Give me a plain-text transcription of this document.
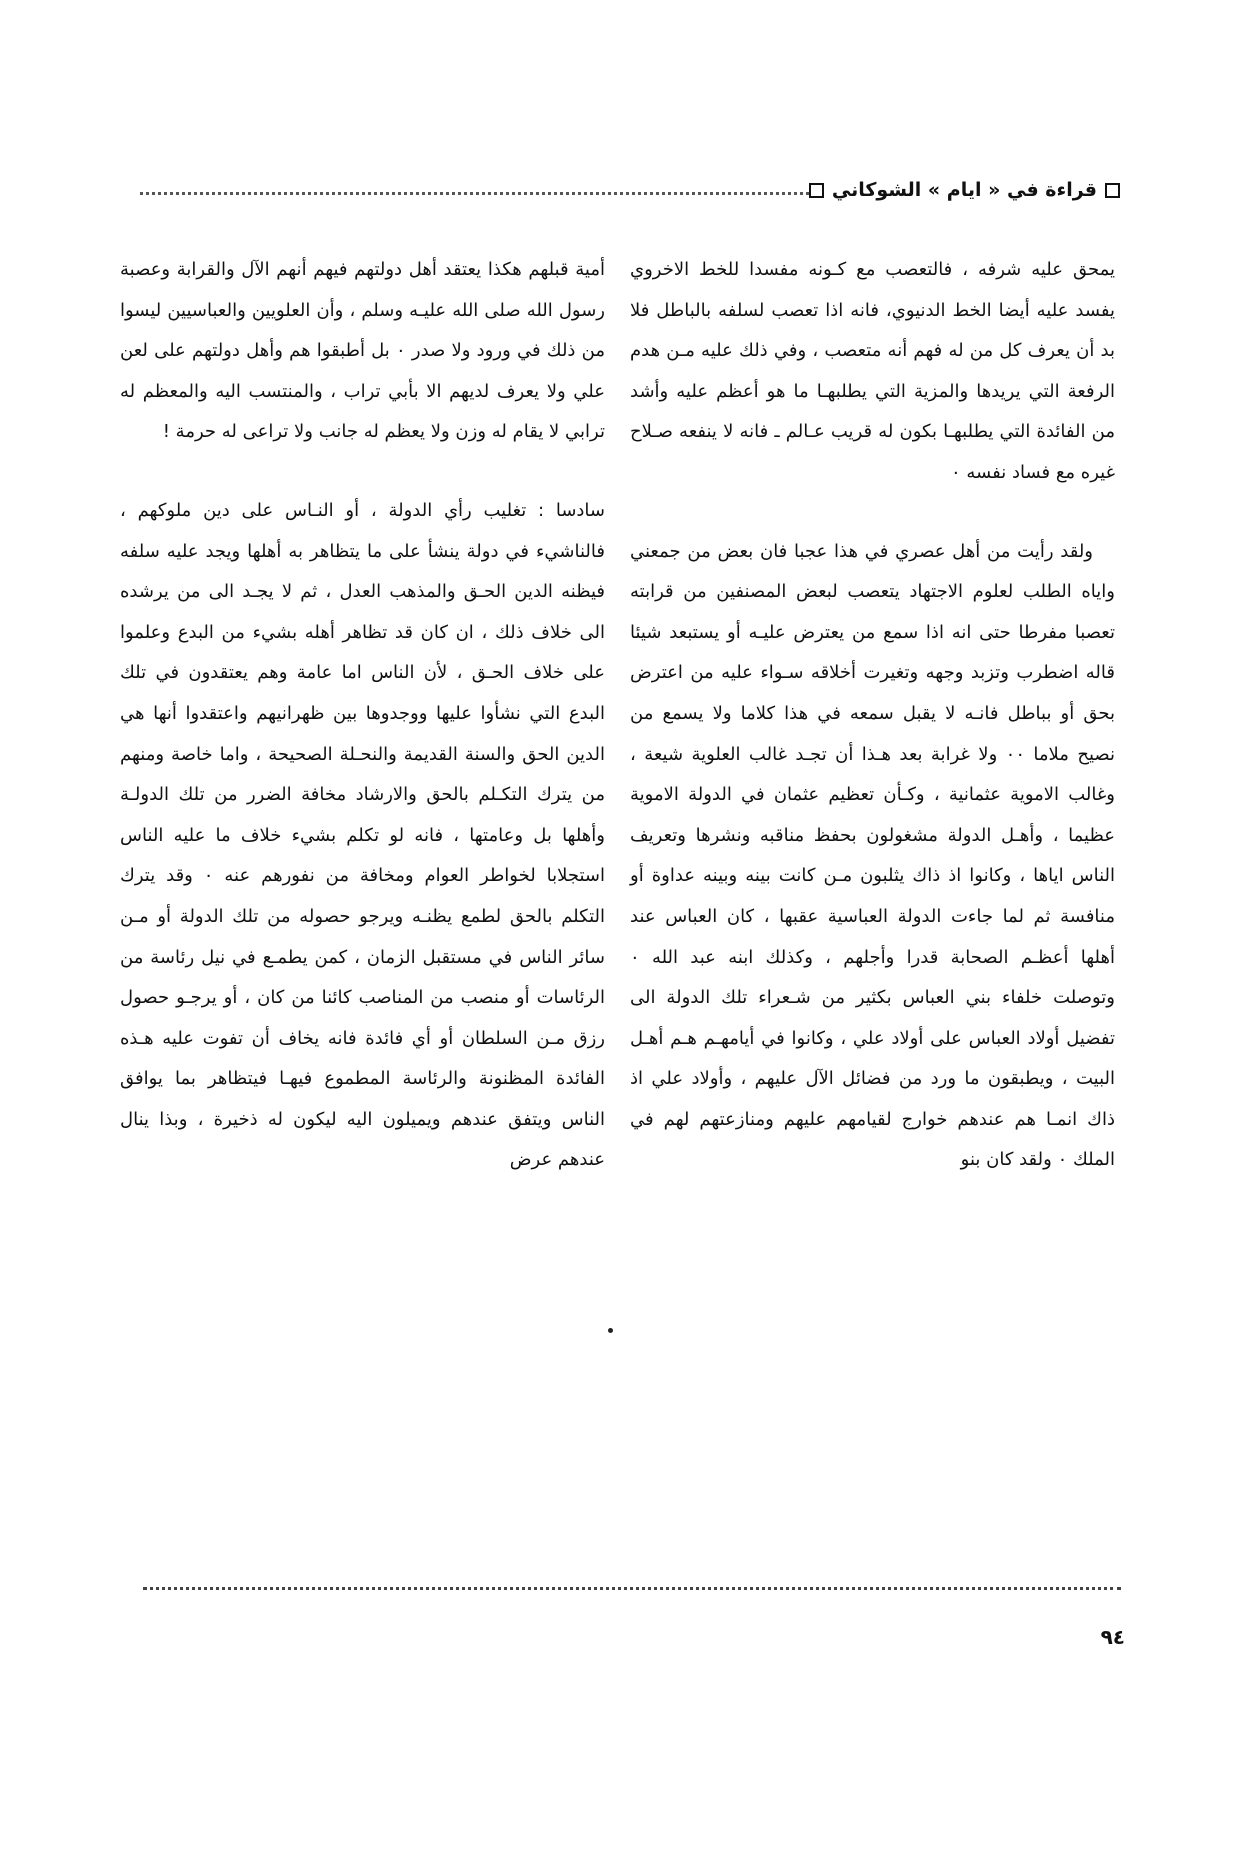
قراءة في « ايام » الشوكاني

يمحق عليه شرفه ، فالتعصب مع كـونه مفسدا للخط الاخروي يفسد عليه أيضا الخط الدنيوي، فانه اذا تعصب لسلفه بالباطل فلا بد أن يعرف كل من له فهم أنه متعصب ، وفي ذلك عليه مـن هدم الرفعة التي يريدها والمزية التي يطلبهـا ما هو أعظم عليه وأشد من الفائدة التي يطلبهـا بكون له قريب عـالم ـ فانه لا ينفعه صـلاح غيره مع فساد نفسه ٠

ولقد رأيت من أهل عصري في هذا عجبا فان بعض من جمعني واياه الطلب لعلوم الاجتهاد يتعصب لبعض المصنفين من قرابته تعصبا مفرطا حتى انه اذا سمع من يعترض عليـه أو يستبعد شيئا قاله اضطرب وتزبد وجهه وتغيرت أخلاقه سـواء عليه من اعترض بحق أو بباطل فانـه لا يقبل سمعه في هذا كلاما ولا يسمع من نصيح ملاما ٠٠ ولا غرابة بعد هـذا أن تجـد غالب العلوية شيعة ، وغالب الاموية عثمانية ، وكـأن تعظيم عثمان في الدولة الاموية عظيما ، وأهـل الدولة مشغولون بحفظ مناقبه ونشرها وتعريف الناس اياها ، وكانوا اذ ذاك يثلبون مـن كانت بينه وبينه عداوة أو منافسة ثم لما جاءت الدولة العباسية عقبها ، كان العباس عند أهلها أعظـم الصحابة قدرا وأجلهم ، وكذلك ابنه عبد الله ٠ وتوصلت خلفاء بني العباس بكثير من شـعراء تلك الدولة الى تفضيل أولاد العباس على أولاد علي ، وكانوا في أيامهـم هـم أهـل البيت ، ويطبقون ما ورد من فضائل الآل عليهم ، وأولاد علي اذ ذاك انمـا هم عندهم خوارج لقيامهم عليهم ومنازعتهم لهم في الملك ٠ ولقد كان بنو

أمية قبلهم هكذا يعتقد أهل دولتهم فيهم أنهم الآل والقرابة وعصبة رسول الله صلى الله عليـه وسلم ، وأن العلويين والعباسيين ليسوا من ذلك في ورود ولا صدر ٠ بل أطبقوا هم وأهل دولتهم على لعن علي ولا يعرف لديهم الا بأبي تراب ، والمنتسب اليه والمعظم له ترابي لا يقام له وزن ولا يعظم له جانب ولا تراعى له حرمة !

سادسا : تغليب رأي الدولة ، أو النـاس على دين ملوكهم ، فالناشيء في دولة ينشأ على ما يتظاهر به أهلها ويجد عليه سلفه فيظنه الدين الحـق والمذهب العدل ، ثم لا يجـد الى من يرشده الى خلاف ذلك ، ان كان قد تظاهر أهله بشيء من البدع وعلموا على خلاف الحـق ، لأن الناس اما عامة وهم يعتقدون في تلك البدع التي نشأوا عليها ووجدوها بين ظهرانيهم واعتقدوا أنها هي الدين الحق والسنة القديمة والنحـلة الصحيحة ، واما خاصة ومنهم من يترك التكـلم بالحق والارشاد مخافة الضرر من تلك الدولـة وأهلها بل وعامتها ، فانه لو تكلم بشيء خلاف ما عليه الناس استجلابا لخواطر العوام ومخافة من نفورهم عنه ٠ وقد يترك التكلم بالحق لطمع يظنـه ويرجو حصوله من تلك الدولة أو مـن سائر الناس في مستقبل الزمان ، كمن يطمـع في نيل رئاسة من الرئاسات أو منصب من المناصب كائنا من كان ، أو يرجـو حصول رزق مـن السلطان أو أي فائدة فانه يخاف أن تفوت عليه هـذه الفائدة المظنونة والرئاسة المطموع فيهـا فيتظاهر بما يوافق الناس ويتفق عندهم ويميلون اليه ليكون له ذخيرة ، وبذا ينال عندهم عرض

٩٤
